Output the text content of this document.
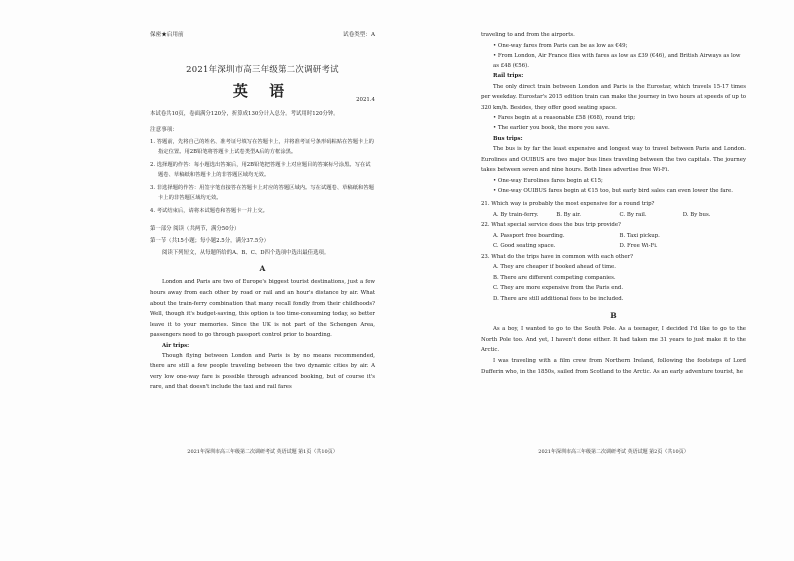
保密★启用前	试卷类型：A
2021年深圳市高三年级第二次调研考试
英 语	2021.4
本试卷共10页，卷面满分120分，折算成130分计入总分。考试用时120分钟。
注意事项：
1. 答题前，先将自己的姓名、准考证号填写在答题卡上，并将准考证号条形码粘贴在答题卡上的指定位置。用2B铅笔将答题卡上试卷类型A后的方框涂黑。
2. 选择题的作答：每小题选出答案后，用2B铅笔把答题卡上对应题目的答案标号涂黑。写在试题卷、草稿纸和答题卡上的非答题区域均无效。
3. 非选择题的作答：用签字笔直接答在答题卡上对应的答题区域内。写在试题卷、草稿纸和答题卡上的非答题区域均无效。
4. 考试结束后，请将本试题卷和答题卡一并上交。
第一部分 阅读（共两节，满分50分）
第一节（共15小题；每小题2.5分，满分37.5分）
阅读下列短文，从每题所给的A、B、C、D四个选项中选出最佳选项。
A

London and Paris are two of Europe's biggest tourist destinations, just a few hours away from each other by road or rail and an hour's distance by air. What about the train-ferry combination that many recall fondly from their childhoods? Well, though it's budget-saving, this option is too time-consuming today, so better leave it to your memories. Since the UK is not part of the Schengen Area, passengers need to go through passport control prior to boarding.

Air trips:

Though flying between London and Paris is by no means recommended, there are still a few people traveling between the two dynamic cities by air. A very low one-way fare is possible through advanced booking, but of course it's rare, and that doesn't include the taxi and rail fares

2021年深圳市高三年级第二次调研考试 英语试题 第1页（共10页）

traveling to and from the airports.

• One-way fares from Paris can be as low as €49;
• From London, Air France flies with fares as low as £39 (€46), and British Airways as low as £48 (€56).
Rail trips:

The only direct train between London and Paris is the Eurostar, which travels 15-17 times per weekday. Eurostar's 2015 edition train can make the journey in two hours at speeds of up to 320 km/h. Besides, they offer good seating space.

• Fares begin at a reasonable £58 (€68), round trip;
• The earlier you book, the more you save.
Bus trips:

The bus is by far the least expensive and longest way to travel between Paris and London. Eurolines and OUIBUS are two major bus lines traveling between the two capitals. The journey takes between seven and nine hours. Both lines advertise free Wi-Fi.

• One-way Eurolines fares begin at €15;
• One-way OUIBUS fares begin at €15 too, but early bird sales can even lower the fare.
21. Which way is probably the most expensive for a round trip?
A. By train-ferry.	B. By air.	C. By rail.	D. By bus.
22. What special service does the bus trip provide?
A. Passport free boarding.	B. Taxi pickup.
C. Good seating space.	D. Free Wi-Fi.
23. What do the trips have in common with each other?
A. They are cheaper if booked ahead of time.
B. There are different competing companies.
C. They are more expensive from the Paris end.
D. There are still additional fees to be included.
B

As a boy, I wanted to go to the South Pole. As a teenager, I decided I'd like to go to the North Pole too. And yet, I haven't done either. It had taken me 31 years to just make it to the Arctic.

I was traveling with a film crew from Northern Ireland, following the footsteps of Lord Dufferin who, in the 1850s, sailed from Scotland to the Arctic. As an early adventure tourist, he

2021年深圳市高三年级第二次调研考试 英语试题 第2页（共10页）
